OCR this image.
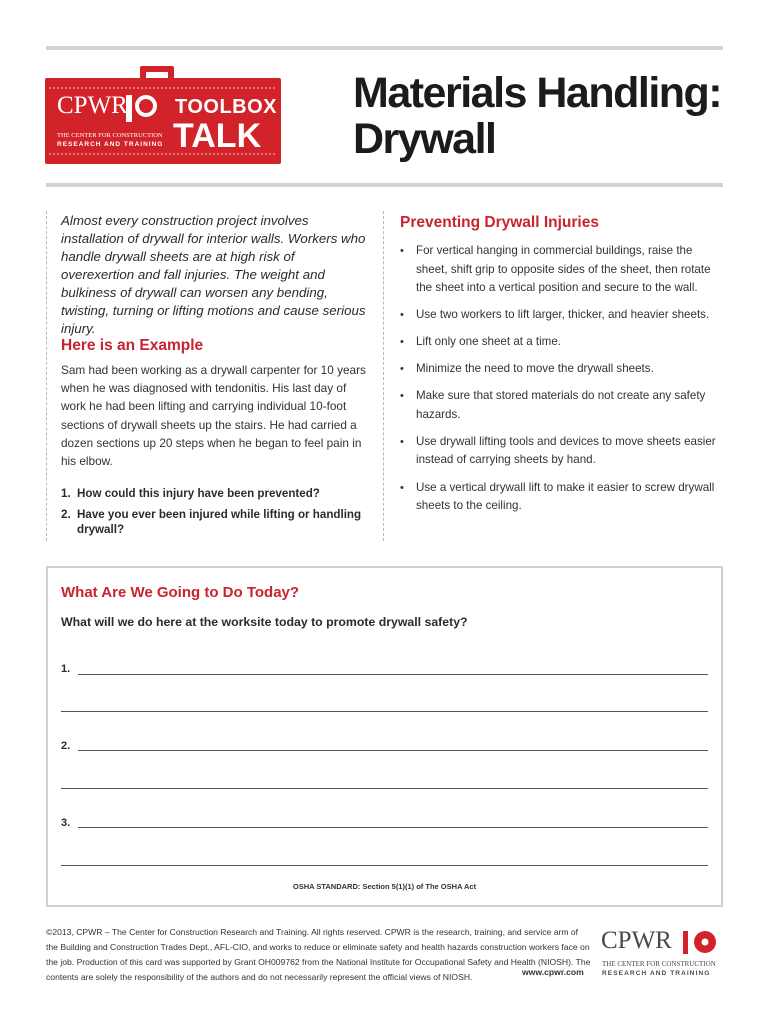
CPWR TOOLBOX
TALK
THE CENTER FOR CONSTRUCTION
RESEARCH AND TRAINING
Materials Handling: Drywall

Almost every construction project involves installation of drywall for interior walls. Workers who handle drywall sheets are at high risk of overexertion and fall injuries. The weight and bulkiness of drywall can worsen any bending, twisting, turning or lifting motions and cause serious injury.

Here is an Example

Sam had been working as a drywall carpenter for 10 years when he was diagnosed with tendonitis. His last day of work he had been lifting and carrying individual 10-foot sections of drywall sheets up the stairs. He had carried a dozen sections up 20 steps when he began to feel pain in his elbow.

1. How could this injury have been prevented?
2. Have you ever been injured while lifting or handling drywall?
Preventing Drywall Injuries
• For vertical hanging in commercial buildings, raise the sheet, shift grip to opposite sides of the sheet, then rotate the sheet into a vertical position and secure to the wall.
• Use two workers to lift larger, thicker, and heavier sheets.
• Lift only one sheet at a time.
• Minimize the need to move the drywall sheets.
• Make sure that stored materials do not create any safety hazards.
• Use drywall lifting tools and devices to move sheets easier instead of carrying sheets by hand.
• Use a vertical drywall lift to make it easier to screw drywall sheets to the ceiling.
What Are We Going to Do Today?

What will we do here at the worksite today to promote drywall safety?

1.
2.
3.
OSHA STANDARD: Section 5(1)(1) of The OSHA Act

©2013, CPWR – The Center for Construction Research and Training. All rights reserved. CPWR is the research, training, and service arm of the Building and Construction Trades Dept., AFL-CIO, and works to reduce or eliminate safety and health hazards construction workers face on the job. Production of this card was supported by Grant OH009762 from the National Institute for Occupational Safety and Health (NIOSH). The contents are solely the responsibility of the authors and do not necessarily represent the official views of NIOSH.	www.cpwr.com
CPWR
THE CENTER FOR CONSTRUCTION
RESEARCH AND TRAINING
